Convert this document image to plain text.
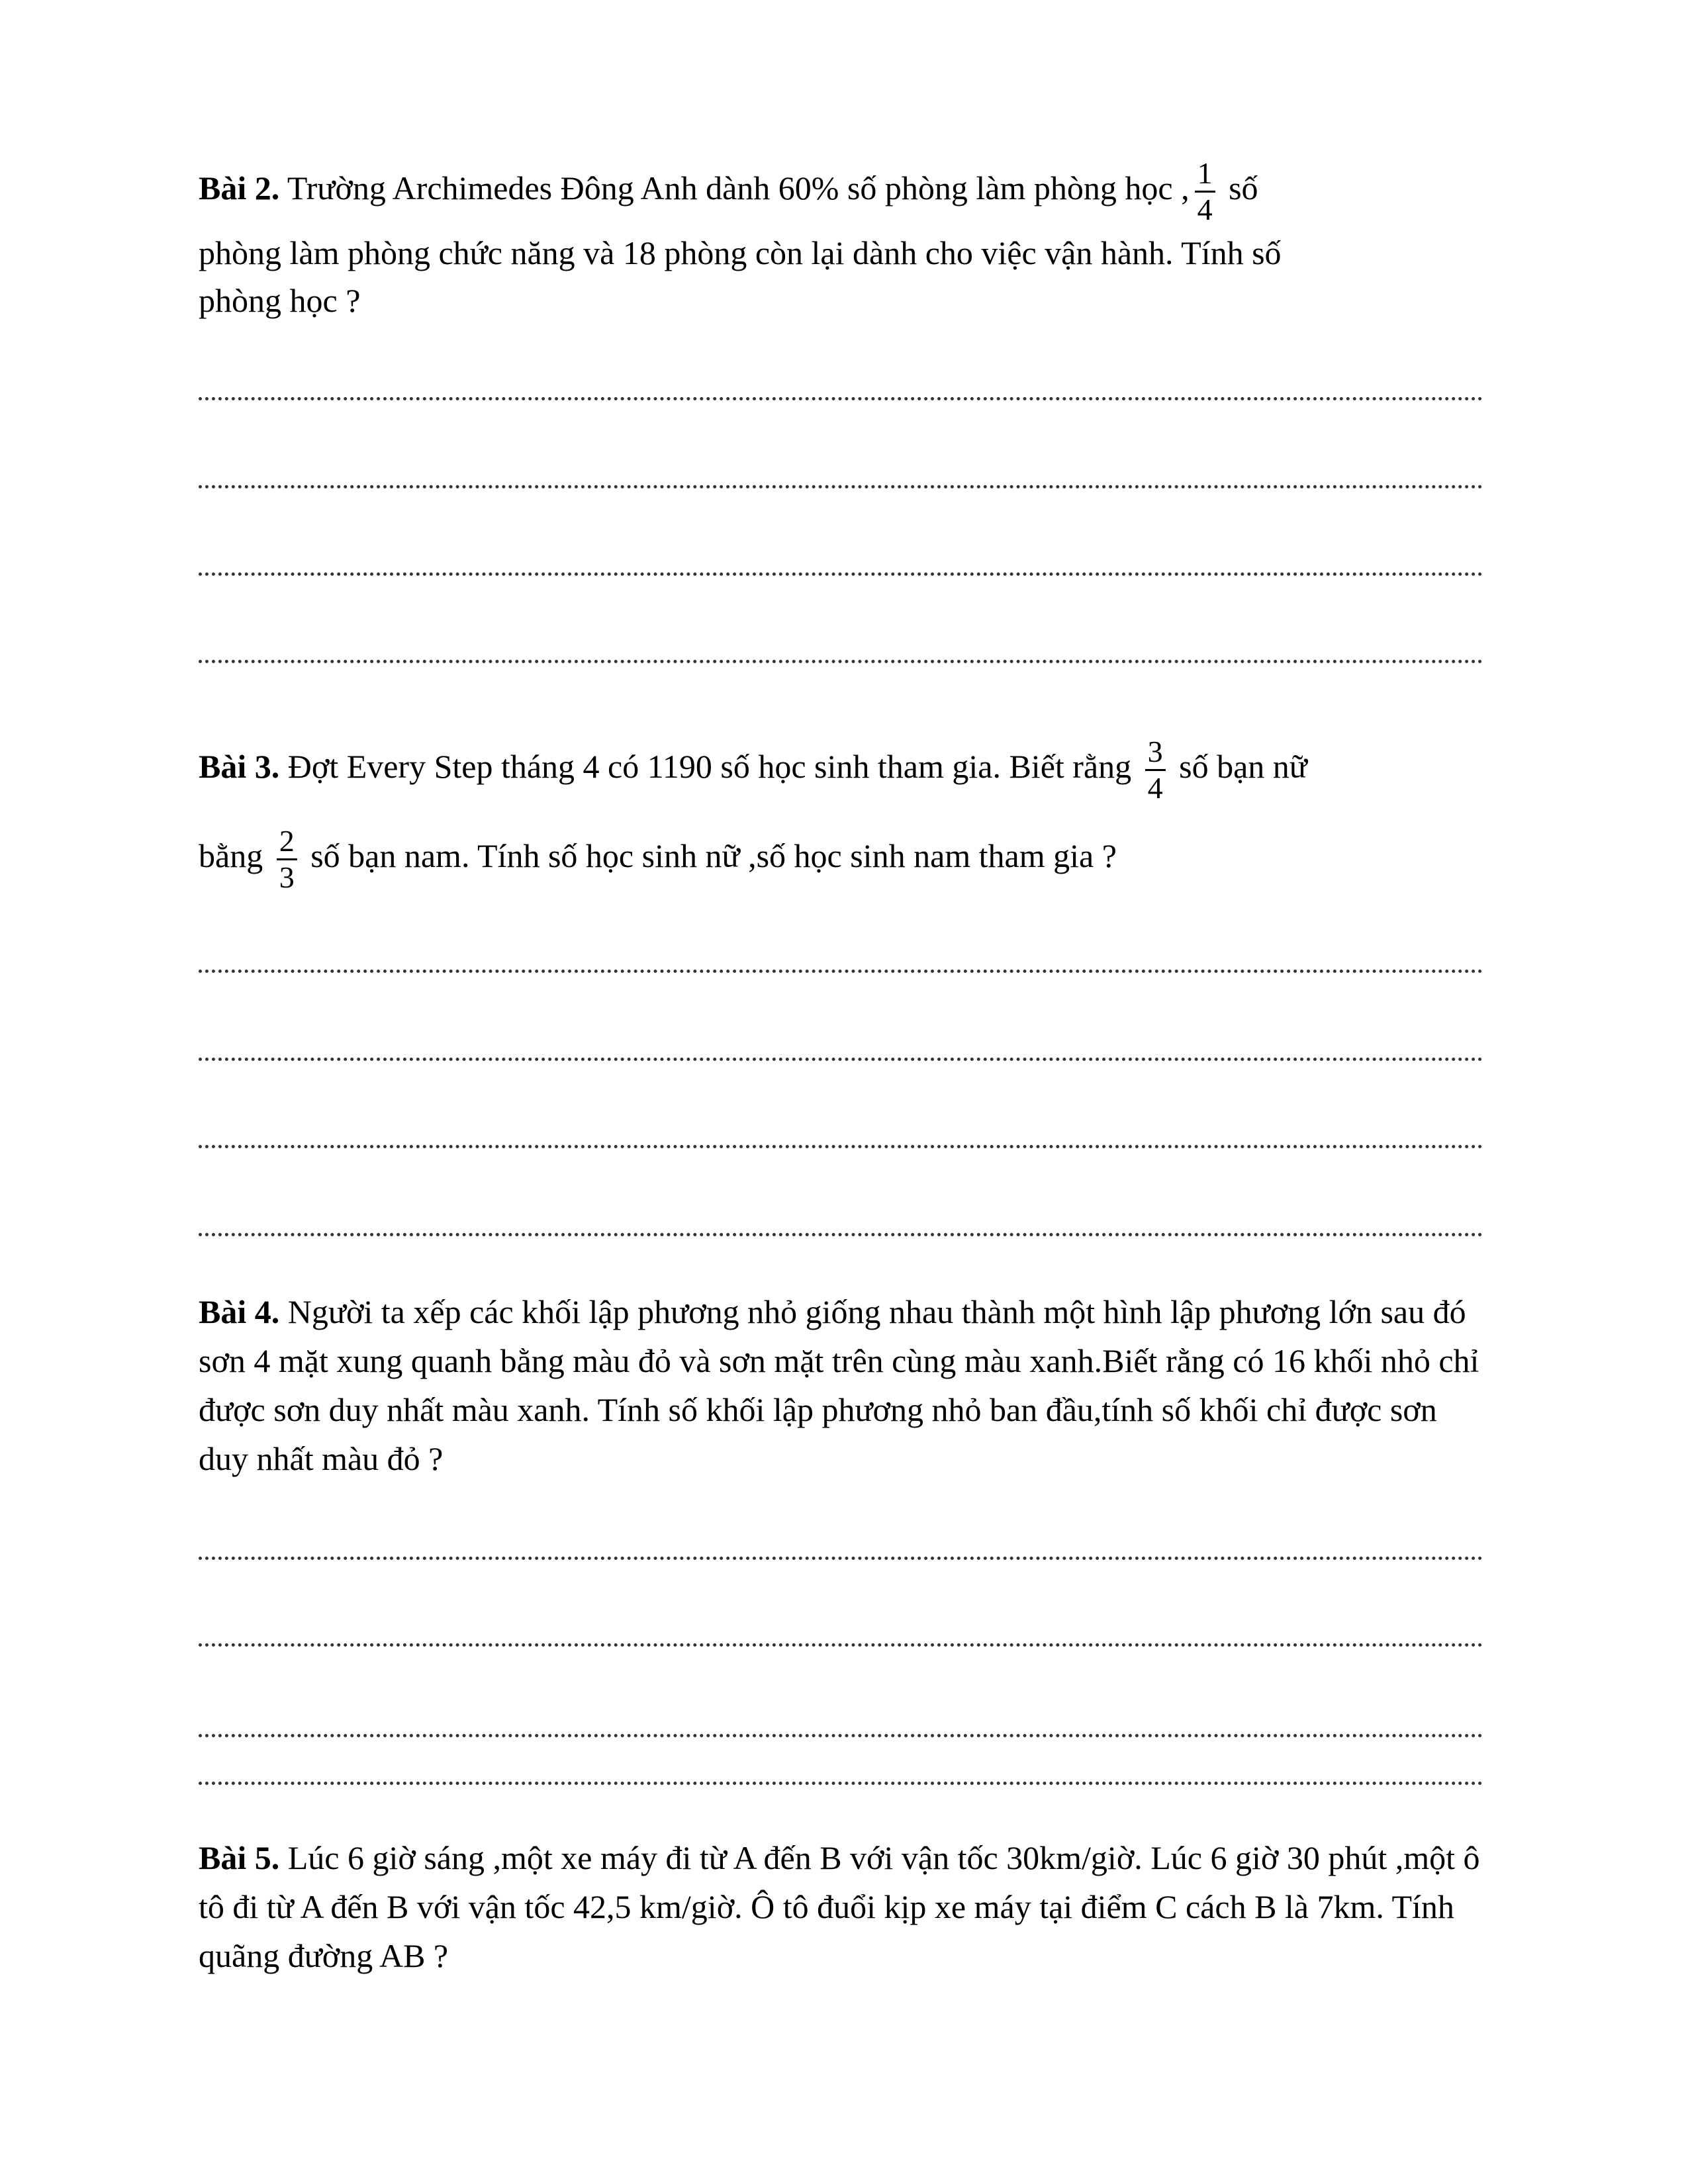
Bài 2. Trường Archimedes Đông Anh dành 60% số phòng làm phòng học , $\frac{1}{4}$ số
phòng làm phòng chức năng và 18 phòng còn lại dành cho việc vận hành. Tính số
phòng học ?
Bài 3. Đợt Every Step tháng 4 có 1190 số học sinh tham gia. Biết rằng $\frac{3}{4}$ số bạn nữ
bằng $\frac{2}{3}$ số bạn nam. Tính số học sinh nữ ,số học sinh nam tham gia ?
Bài 4. Người ta xếp các khối lập phương nhỏ giống nhau thành một hình lập phương lớn sau đó sơn 4 mặt xung quanh bằng màu đỏ và sơn mặt trên cùng màu xanh.Biết rằng có 16 khối nhỏ chỉ được sơn duy nhất màu xanh. Tính số khối lập phương nhỏ ban đầu,tính số khối chỉ được sơn duy nhất màu đỏ ?
Bài 5. Lúc 6 giờ sáng ,một xe máy đi từ A đến B với vận tốc 30km/giờ. Lúc 6 giờ 30 phút ,một ô tô đi từ A đến B với vận tốc 42,5 km/giờ. Ô tô đuổi kịp xe máy tại điểm C cách B là 7km. Tính quãng đường AB ?
